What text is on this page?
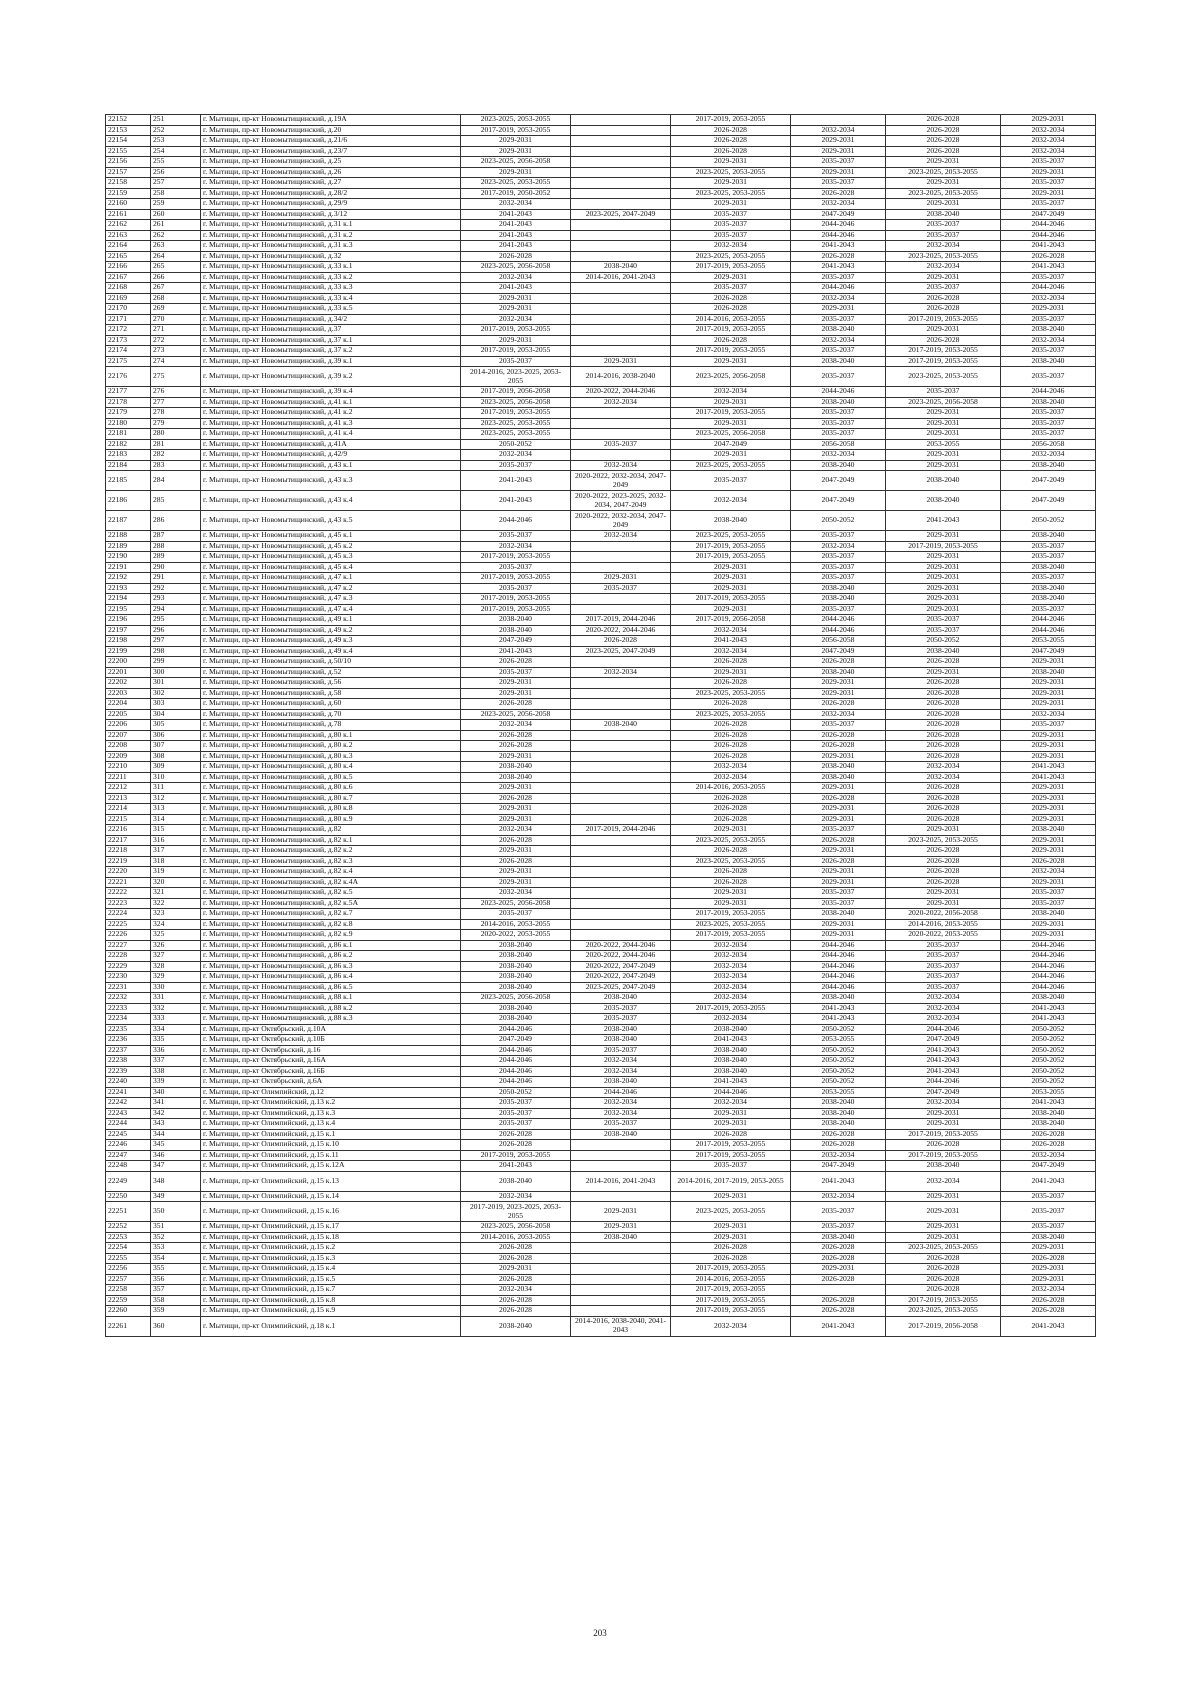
22152	251	г. Мытищи, пр-кт Новомытищинский, д.19А	2023-2025, 2053-2055		2017-2019, 2053-2055		2026-2028	2029-2031
22153	252	г. Мытищи, пр-кт Новомытищинский, д.20	2017-2019, 2053-2055		2026-2028	2032-2034	2026-2028	2032-2034
22154	253	г. Мытищи, пр-кт Новомытищинский, д.21/6	2029-2031		2026-2028	2029-2031	2026-2028	2032-2034
22155	254	г. Мытищи, пр-кт Новомытищинский, д.23/7	2029-2031		2026-2028	2029-2031	2026-2028	2032-2034
22156	255	г. Мытищи, пр-кт Новомытищинский, д.25	2023-2025, 2056-2058		2029-2031	2035-2037	2029-2031	2035-2037
22157	256	г. Мытищи, пр-кт Новомытищинский, д.26	2029-2031		2023-2025, 2053-2055	2029-2031	2023-2025, 2053-2055	2029-2031
22158	257	г. Мытищи, пр-кт Новомытищинский, д.27	2023-2025, 2053-2055		2029-2031	2035-2037	2029-2031	2035-2037
22159	258	г. Мытищи, пр-кт Новомытищинский, д.28/2	2017-2019, 2050-2052		2023-2025, 2053-2055	2026-2028	2023-2025, 2053-2055	2029-2031
22160	259	г. Мытищи, пр-кт Новомытищинский, д.29/9	2032-2034		2029-2031	2032-2034	2029-2031	2035-2037
22161	260	г. Мытищи, пр-кт Новомытищинский, д.3/12	2041-2043	2023-2025, 2047-2049	2035-2037	2047-2049	2038-2040	2047-2049
22162	261	г. Мытищи, пр-кт Новомытищинский, д.31 к.1	2041-2043		2035-2037	2044-2046	2035-2037	2044-2046
22163	262	г. Мытищи, пр-кт Новомытищинский, д.31 к.2	2041-2043		2035-2037	2044-2046	2035-2037	2044-2046
22164	263	г. Мытищи, пр-кт Новомытищинский, д.31 к.3	2041-2043		2032-2034	2041-2043	2032-2034	2041-2043
22165	264	г. Мытищи, пр-кт Новомытищинский, д.32	2026-2028		2023-2025, 2053-2055	2026-2028	2023-2025, 2053-2055	2026-2028
22166	265	г. Мытищи, пр-кт Новомытищинский, д.33 к.1	2023-2025, 2056-2058	2038-2040	2017-2019, 2053-2055	2041-2043	2032-2034	2041-2043
22167	266	г. Мытищи, пр-кт Новомытищинский, д.33 к.2	2032-2034	2014-2016, 2041-2043	2029-2031	2035-2037	2029-2031	2035-2037
22168	267	г. Мытищи, пр-кт Новомытищинский, д.33 к.3	2041-2043		2035-2037	2044-2046	2035-2037	2044-2046
22169	268	г. Мытищи, пр-кт Новомытищинский, д.33 к.4	2029-2031		2026-2028	2032-2034	2026-2028	2032-2034
22170	269	г. Мытищи, пр-кт Новомытищинский, д.33 к.5	2029-2031		2026-2028	2029-2031	2026-2028	2029-2031
22171	270	г. Мытищи, пр-кт Новомытищинский, д.34/2	2032-2034		2014-2016, 2053-2055	2035-2037	2017-2019, 2053-2055	2035-2037
22172	271	г. Мытищи, пр-кт Новомытищинский, д.37	2017-2019, 2053-2055		2017-2019, 2053-2055	2038-2040	2029-2031	2038-2040
22173	272	г. Мытищи, пр-кт Новомытищинский, д.37 к.1	2029-2031		2026-2028	2032-2034	2026-2028	2032-2034
22174	273	г. Мытищи, пр-кт Новомытищинский, д.37 к.2	2017-2019, 2053-2055		2017-2019, 2053-2055	2035-2037	2017-2019, 2053-2055	2035-2037
22175	274	г. Мытищи, пр-кт Новомытищинский, д.39 к.1	2035-2037	2029-2031	2029-2031	2038-2040	2017-2019, 2053-2055	2038-2040
22176	275	г. Мытищи, пр-кт Новомытищинский, д.39 к.2	2014-2016, 2023-2025, 2053-2055	2014-2016, 2038-2040	2023-2025, 2056-2058	2035-2037	2023-2025, 2053-2055	2035-2037
22177	276	г. Мытищи, пр-кт Новомытищинский, д.39 к.4	2017-2019, 2056-2058	2020-2022, 2044-2046	2032-2034	2044-2046	2035-2037	2044-2046
22178	277	г. Мытищи, пр-кт Новомытищинский, д.41 к.1	2023-2025, 2056-2058	2032-2034	2029-2031	2038-2040	2023-2025, 2056-2058	2038-2040
22179	278	г. Мытищи, пр-кт Новомытищинский, д.41 к.2	2017-2019, 2053-2055		2017-2019, 2053-2055	2035-2037	2029-2031	2035-2037
22180	279	г. Мытищи, пр-кт Новомытищинский, д.41 к.3	2023-2025, 2053-2055		2029-2031	2035-2037	2029-2031	2035-2037
22181	280	г. Мытищи, пр-кт Новомытищинский, д.41 к.4	2023-2025, 2053-2055		2023-2025, 2056-2058	2035-2037	2029-2031	2035-2037
22182	281	г. Мытищи, пр-кт Новомытищинский, д.41А	2050-2052	2035-2037	2047-2049	2056-2058	2053-2055	2056-2058
22183	282	г. Мытищи, пр-кт Новомытищинский, д.42/9	2032-2034		2029-2031	2032-2034	2029-2031	2032-2034
22184	283	г. Мытищи, пр-кт Новомытищинский, д.43 к.1	2035-2037	2032-2034	2023-2025, 2053-2055	2038-2040	2029-2031	2038-2040
22185	284	г. Мытищи, пр-кт Новомытищинский, д.43 к.3	2041-2043	2020-2022, 2032-2034, 2047-2049	2035-2037	2047-2049	2038-2040	2047-2049
22186	285	г. Мытищи, пр-кт Новомытищинский, д.43 к.4	2041-2043	2020-2022, 2023-2025, 2032-2034, 2047-2049	2032-2034	2047-2049	2038-2040	2047-2049
22187	286	г. Мытищи, пр-кт Новомытищинский, д.43 к.5	2044-2046	2020-2022, 2032-2034, 2047-2049	2038-2040	2050-2052	2041-2043	2050-2052
22188	287	г. Мытищи, пр-кт Новомытищинский, д.45 к.1	2035-2037	2032-2034	2023-2025, 2053-2055	2035-2037	2029-2031	2038-2040
22189	288	г. Мытищи, пр-кт Новомытищинский, д.45 к.2	2032-2034		2017-2019, 2053-2055	2032-2034	2017-2019, 2053-2055	2035-2037
22190	289	г. Мытищи, пр-кт Новомытищинский, д.45 к.3	2017-2019, 2053-2055		2017-2019, 2053-2055	2035-2037	2029-2031	2035-2037
22191	290	г. Мытищи, пр-кт Новомытищинский, д.45 к.4	2035-2037		2029-2031	2035-2037	2029-2031	2038-2040
22192	291	г. Мытищи, пр-кт Новомытищинский, д.47 к.1	2017-2019, 2053-2055	2029-2031	2029-2031	2035-2037	2029-2031	2035-2037
22193	292	г. Мытищи, пр-кт Новомытищинский, д.47 к.2	2035-2037	2035-2037	2029-2031	2038-2040	2029-2031	2038-2040
22194	293	г. Мытищи, пр-кт Новомытищинский, д.47 к.3	2017-2019, 2053-2055		2017-2019, 2053-2055	2038-2040	2029-2031	2038-2040
22195	294	г. Мытищи, пр-кт Новомытищинский, д.47 к.4	2017-2019, 2053-2055		2029-2031	2035-2037	2029-2031	2035-2037
22196	295	г. Мытищи, пр-кт Новомытищинский, д.49 к.1	2038-2040	2017-2019, 2044-2046	2017-2019, 2056-2058	2044-2046	2035-2037	2044-2046
22197	296	г. Мытищи, пр-кт Новомытищинский, д.49 к.2	2038-2040	2020-2022, 2044-2046	2032-2034	2044-2046	2035-2037	2044-2046
22198	297	г. Мытищи, пр-кт Новомытищинский, д.49 к.3	2047-2049	2026-2028	2041-2043	2056-2058	2050-2052	2053-2055
22199	298	г. Мытищи, пр-кт Новомытищинский, д.49 к.4	2041-2043	2023-2025, 2047-2049	2032-2034	2047-2049	2038-2040	2047-2049
22200	299	г. Мытищи, пр-кт Новомытищинский, д.50/10	2026-2028		2026-2028	2026-2028	2026-2028	2029-2031
22201	300	г. Мытищи, пр-кт Новомытищинский, д.52	2035-2037	2032-2034	2029-2031	2038-2040	2029-2031	2038-2040
22202	301	г. Мытищи, пр-кт Новомытищинский, д.56	2029-2031		2026-2028	2029-2031	2026-2028	2029-2031
22203	302	г. Мытищи, пр-кт Новомытищинский, д.58	2029-2031		2023-2025, 2053-2055	2029-2031	2026-2028	2029-2031
22204	303	г. Мытищи, пр-кт Новомытищинский, д.60	2026-2028		2026-2028	2026-2028	2026-2028	2029-2031
22205	304	г. Мытищи, пр-кт Новомытищинский, д.70	2023-2025, 2056-2058		2023-2025, 2053-2055	2032-2034	2026-2028	2032-2034
22206	305	г. Мытищи, пр-кт Новомытищинский, д.78	2032-2034	2038-2040	2026-2028	2035-2037	2026-2028	2035-2037
22207	306	г. Мытищи, пр-кт Новомытищинский, д.80 к.1	2026-2028		2026-2028	2026-2028	2026-2028	2029-2031
22208	307	г. Мытищи, пр-кт Новомытищинский, д.80 к.2	2026-2028		2026-2028	2026-2028	2026-2028	2029-2031
22209	308	г. Мытищи, пр-кт Новомытищинский, д.80 к.3	2029-2031		2026-2028	2029-2031	2026-2028	2029-2031
22210	309	г. Мытищи, пр-кт Новомытищинский, д.80 к.4	2038-2040		2032-2034	2038-2040	2032-2034	2041-2043
22211	310	г. Мытищи, пр-кт Новомытищинский, д.80 к.5	2038-2040		2032-2034	2038-2040	2032-2034	2041-2043
22212	311	г. Мытищи, пр-кт Новомытищинский, д.80 к.6	2029-2031		2014-2016, 2053-2055	2029-2031	2026-2028	2029-2031
22213	312	г. Мытищи, пр-кт Новомытищинский, д.80 к.7	2026-2028		2026-2028	2026-2028	2026-2028	2029-2031
22214	313	г. Мытищи, пр-кт Новомытищинский, д.80 к.8	2029-2031		2026-2028	2029-2031	2026-2028	2029-2031
22215	314	г. Мытищи, пр-кт Новомытищинский, д.80 к.9	2029-2031		2026-2028	2029-2031	2026-2028	2029-2031
22216	315	г. Мытищи, пр-кт Новомытищинский, д.82	2032-2034	2017-2019, 2044-2046	2029-2031	2035-2037	2029-2031	2038-2040
22217	316	г. Мытищи, пр-кт Новомытищинский, д.82 к.1	2026-2028		2023-2025, 2053-2055	2026-2028	2023-2025, 2053-2055	2029-2031
22218	317	г. Мытищи, пр-кт Новомытищинский, д.82 к.2	2029-2031		2026-2028	2029-2031	2026-2028	2029-2031
22219	318	г. Мытищи, пр-кт Новомытищинский, д.82 к.3	2026-2028		2023-2025, 2053-2055	2026-2028	2026-2028	2026-2028
22220	319	г. Мытищи, пр-кт Новомытищинский, д.82 к.4	2029-2031		2026-2028	2029-2031	2026-2028	2032-2034
22221	320	г. Мытищи, пр-кт Новомытищинский, д.82 к.4А	2029-2031		2026-2028	2029-2031	2026-2028	2029-2031
22222	321	г. Мытищи, пр-кт Новомытищинский, д.82 к.5	2032-2034		2029-2031	2035-2037	2029-2031	2035-2037
22223	322	г. Мытищи, пр-кт Новомытищинский, д.82 к.5А	2023-2025, 2056-2058		2029-2031	2035-2037	2029-2031	2035-2037
22224	323	г. Мытищи, пр-кт Новомытищинский, д.82 к.7	2035-2037		2017-2019, 2053-2055	2038-2040	2020-2022, 2056-2058	2038-2040
22225	324	г. Мытищи, пр-кт Новомытищинский, д.82 к.8	2014-2016, 2053-2055		2023-2025, 2053-2055	2029-2031	2014-2016, 2053-2055	2029-2031
22226	325	г. Мытищи, пр-кт Новомытищинский, д.82 к.9	2020-2022, 2053-2055		2017-2019, 2053-2055	2029-2031	2020-2022, 2053-2055	2029-2031
22227	326	г. Мытищи, пр-кт Новомытищинский, д.86 к.1	2038-2040	2020-2022, 2044-2046	2032-2034	2044-2046	2035-2037	2044-2046
22228	327	г. Мытищи, пр-кт Новомытищинский, д.86 к.2	2038-2040	2020-2022, 2044-2046	2032-2034	2044-2046	2035-2037	2044-2046
22229	328	г. Мытищи, пр-кт Новомытищинский, д.86 к.3	2038-2040	2020-2022, 2047-2049	2032-2034	2044-2046	2035-2037	2044-2046
22230	329	г. Мытищи, пр-кт Новомытищинский, д.86 к.4	2038-2040	2020-2022, 2047-2049	2032-2034	2044-2046	2035-2037	2044-2046
22231	330	г. Мытищи, пр-кт Новомытищинский, д.86 к.5	2038-2040	2023-2025, 2047-2049	2032-2034	2044-2046	2035-2037	2044-2046
22232	331	г. Мытищи, пр-кт Новомытищинский, д.88 к.1	2023-2025, 2056-2058	2038-2040	2032-2034	2038-2040	2032-2034	2038-2040
22233	332	г. Мытищи, пр-кт Новомытищинский, д.88 к.2	2038-2040	2035-2037	2017-2019, 2053-2055	2041-2043	2032-2034	2041-2043
22234	333	г. Мытищи, пр-кт Новомытищинский, д.88 к.3	2038-2040	2035-2037	2032-2034	2041-2043	2032-2034	2041-2043
22235	334	г. Мытищи, пр-кт Октябрьский, д.10А	2044-2046	2038-2040	2038-2040	2050-2052	2044-2046	2050-2052
22236	335	г. Мытищи, пр-кт Октябрьский, д.10Б	2047-2049	2038-2040	2041-2043	2053-2055	2047-2049	2050-2052
22237	336	г. Мытищи, пр-кт Октябрьский, д.16	2044-2046	2035-2037	2038-2040	2050-2052	2041-2043	2050-2052
22238	337	г. Мытищи, пр-кт Октябрьский, д.16А	2044-2046	2032-2034	2038-2040	2050-2052	2041-2043	2050-2052
22239	338	г. Мытищи, пр-кт Октябрьский, д.16Б	2044-2046	2032-2034	2038-2040	2050-2052	2041-2043	2050-2052
22240	339	г. Мытищи, пр-кт Октябрьский, д.6А	2044-2046	2038-2040	2041-2043	2050-2052	2044-2046	2050-2052
22241	340	г. Мытищи, пр-кт Олимпийский, д.12	2050-2052	2044-2046	2044-2046	2053-2055	2047-2049	2053-2055
22242	341	г. Мытищи, пр-кт Олимпийский, д.13 к.2	2035-2037	2032-2034	2032-2034	2038-2040	2032-2034	2041-2043
22243	342	г. Мытищи, пр-кт Олимпийский, д.13 к.3	2035-2037	2032-2034	2029-2031	2038-2040	2029-2031	2038-2040
22244	343	г. Мытищи, пр-кт Олимпийский, д.13 к.4	2035-2037	2035-2037	2029-2031	2038-2040	2029-2031	2038-2040
22245	344	г. Мытищи, пр-кт Олимпийский, д.15 к.1	2026-2028	2038-2040	2026-2028	2026-2028	2017-2019, 2053-2055	2026-2028
22246	345	г. Мытищи, пр-кт Олимпийский, д.15 к.10	2026-2028		2017-2019, 2053-2055	2026-2028	2026-2028	2026-2028
22247	346	г. Мытищи, пр-кт Олимпийский, д.15 к.11	2017-2019, 2053-2055		2017-2019, 2053-2055	2032-2034	2017-2019, 2053-2055	2032-2034
22248	347	г. Мытищи, пр-кт Олимпийский, д.15 к.12А	2041-2043		2035-2037	2047-2049	2038-2040	2047-2049
22249	348	г. Мытищи, пр-кт Олимпийский, д.15 к.13	2038-2040	2014-2016, 2041-2043	2014-2016, 2017-2019, 2053-2055	2041-2043	2032-2034	2041-2043
22250	349	г. Мытищи, пр-кт Олимпийский, д.15 к.14	2032-2034		2029-2031	2032-2034	2029-2031	2035-2037
22251	350	г. Мытищи, пр-кт Олимпийский, д.15 к.16	2017-2019, 2023-2025, 2053-2055	2029-2031	2023-2025, 2053-2055	2035-2037	2029-2031	2035-2037
22252	351	г. Мытищи, пр-кт Олимпийский, д.15 к.17	2023-2025, 2056-2058	2029-2031	2029-2031	2035-2037	2029-2031	2035-2037
22253	352	г. Мытищи, пр-кт Олимпийский, д.15 к.18	2014-2016, 2053-2055	2038-2040	2029-2031	2038-2040	2029-2031	2038-2040
22254	353	г. Мытищи, пр-кт Олимпийский, д.15 к.2	2026-2028		2026-2028	2026-2028	2023-2025, 2053-2055	2029-2031
22255	354	г. Мытищи, пр-кт Олимпийский, д.15 к.3	2026-2028		2026-2028	2026-2028	2026-2028	2026-2028
22256	355	г. Мытищи, пр-кт Олимпийский, д.15 к.4	2029-2031		2017-2019, 2053-2055	2029-2031	2026-2028	2029-2031
22257	356	г. Мытищи, пр-кт Олимпийский, д.15 к.5	2026-2028		2014-2016, 2053-2055	2026-2028	2026-2028	2029-2031
22258	357	г. Мытищи, пр-кт Олимпийский, д.15 к.7	2032-2034		2017-2019, 2053-2055		2026-2028	2032-2034
22259	358	г. Мытищи, пр-кт Олимпийский, д.15 к.8	2026-2028		2017-2019, 2053-2055	2026-2028	2017-2019, 2053-2055	2026-2028
22260	359	г. Мытищи, пр-кт Олимпийский, д.15 к.9	2026-2028		2017-2019, 2053-2055	2026-2028	2023-2025, 2053-2055	2026-2028
22261	360	г. Мытищи, пр-кт Олимпийский, д.18 к.1	2038-2040	2014-2016, 2038-2040, 2041-2043	2032-2034	2041-2043	2017-2019, 2056-2058	2041-2043
203
